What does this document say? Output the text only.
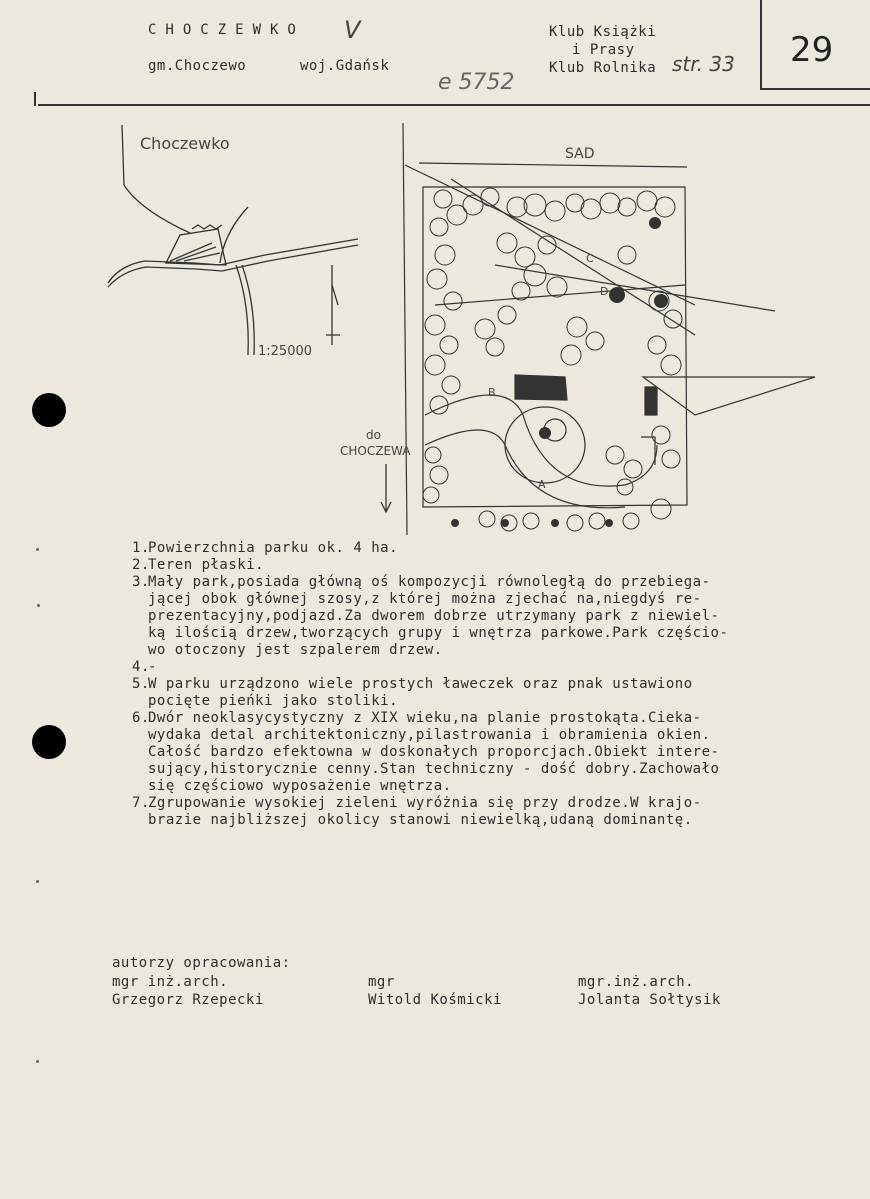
CHOCZEWKO V
gm.Choczewo	woj.Gdańsk
e 5752
Klub Książki
i Prasy
Klub Rolnika str. 33 29
Choczewko
1:25000
SAD
do
CHOCZEWA
A
B
C
D
1.
Powierzchnia parku ok. 4 ha.
2.
Teren płaski.
3.
Mały park,posiada główną oś kompozycji równoległą do przebiega-
jącej obok głównej szosy,z której można zjechać na,niegdyś re-
prezentacyjny,podjazd.Za dworem dobrze utrzymany park z niewiel-
ką ilością drzew,tworzących grupy i wnętrza parkowe.Park częścio-
wo otoczony jest szpalerem drzew.
4.
-
5.
W parku urządzono wiele prostych ławeczek oraz pnak ustawiono
pocięte pieńki jako stoliki.
6.
Dwór neoklasycystyczny z XIX wieku,na planie prostokąta.Cieka-
wydaka detal architektoniczny,pilastrowania i obramienia okien.
Całość bardzo efektowna w doskonałych proporcjach.Obiekt intere-
sujący,historycznie cenny.Stan techniczny - dość dobry.Zachowało
się częściowo wyposażenie wnętrza.
7.
Zgrupowanie wysokiej zieleni wyróżnia się przy drodze.W krajo-
brazie najbliższej okolicy stanowi niewielką,udaną dominantę.
autorzy opracowania:
mgr inż.arch.
Grzegorz Rzepecki
mgr
Witold Kośmicki
mgr.inż.arch.
Jolanta Sołtysik
